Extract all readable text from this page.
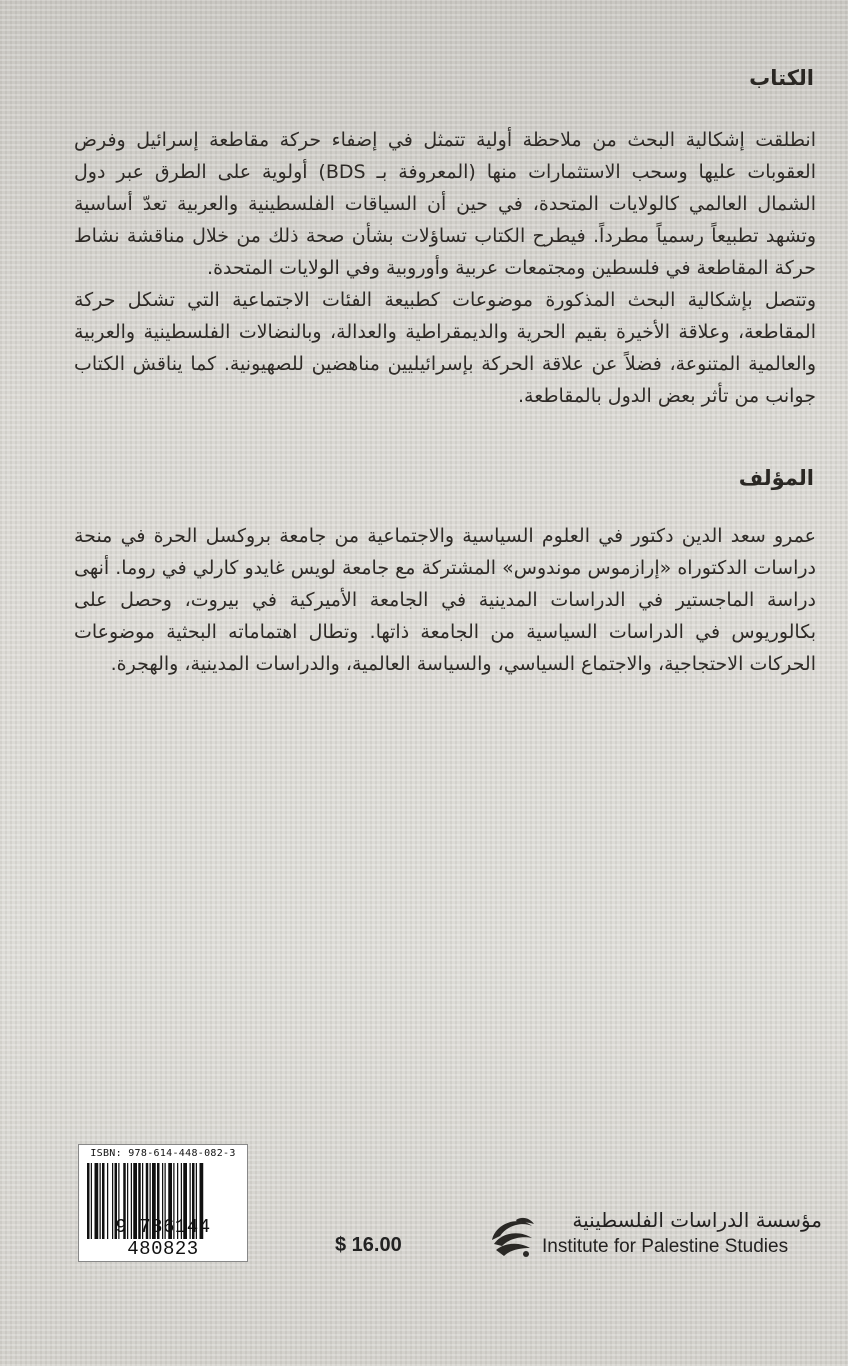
الكتاب

انطلقت إشكالية البحث من ملاحظة أولية تتمثل في إضفاء حركة مقاطعة إسرائيل وفرض العقوبات عليها وسحب الاستثمارات منها (المعروفة بـ BDS) أولوية على الطرق عبر دول الشمال العالمي كالولايات المتحدة، في حين أن السياقات الفلسطينية والعربية تعدّ أساسية وتشهد تطبيعاً رسمياً مطرداً. فيطرح الكتاب تساؤلات بشأن صحة ذلك من خلال مناقشة نشاط حركة المقاطعة في فلسطين ومجتمعات عربية وأوروبية وفي الولايات المتحدة.

وتتصل بإشكالية البحث المذكورة موضوعات كطبيعة الفئات الاجتماعية التي تشكل حركة المقاطعة، وعلاقة الأخيرة بقيم الحرية والديمقراطية والعدالة، وبالنضالات الفلسطينية والعربية والعالمية المتنوعة، فضلاً عن علاقة الحركة بإسرائيليين مناهضين للصهيونية. كما يناقش الكتاب جوانب من تأثر بعض الدول بالمقاطعة.

المؤلف

عمرو سعد الدين دكتور في العلوم السياسية والاجتماعية من جامعة بروكسل الحرة في منحة دراسات الدكتوراه «إرازموس موندوس» المشتركة مع جامعة لويس غايدو كارلي في روما. أنهى دراسة الماجستير في الدراسات المدينية في الجامعة الأميركية في بيروت، وحصل على بكالوريوس في الدراسات السياسية من الجامعة ذاتها. وتطال اهتماماته البحثية موضوعات الحركات الاحتجاجية، والاجتماع السياسي، والسياسة العالمية، والدراسات المدينية، والهجرة.

ISBN: 978-614-448-082-3
9 786144 480823	$ 16.00
مؤسسة الدراسات الفلسطينية
Institute for Palestine Studies
